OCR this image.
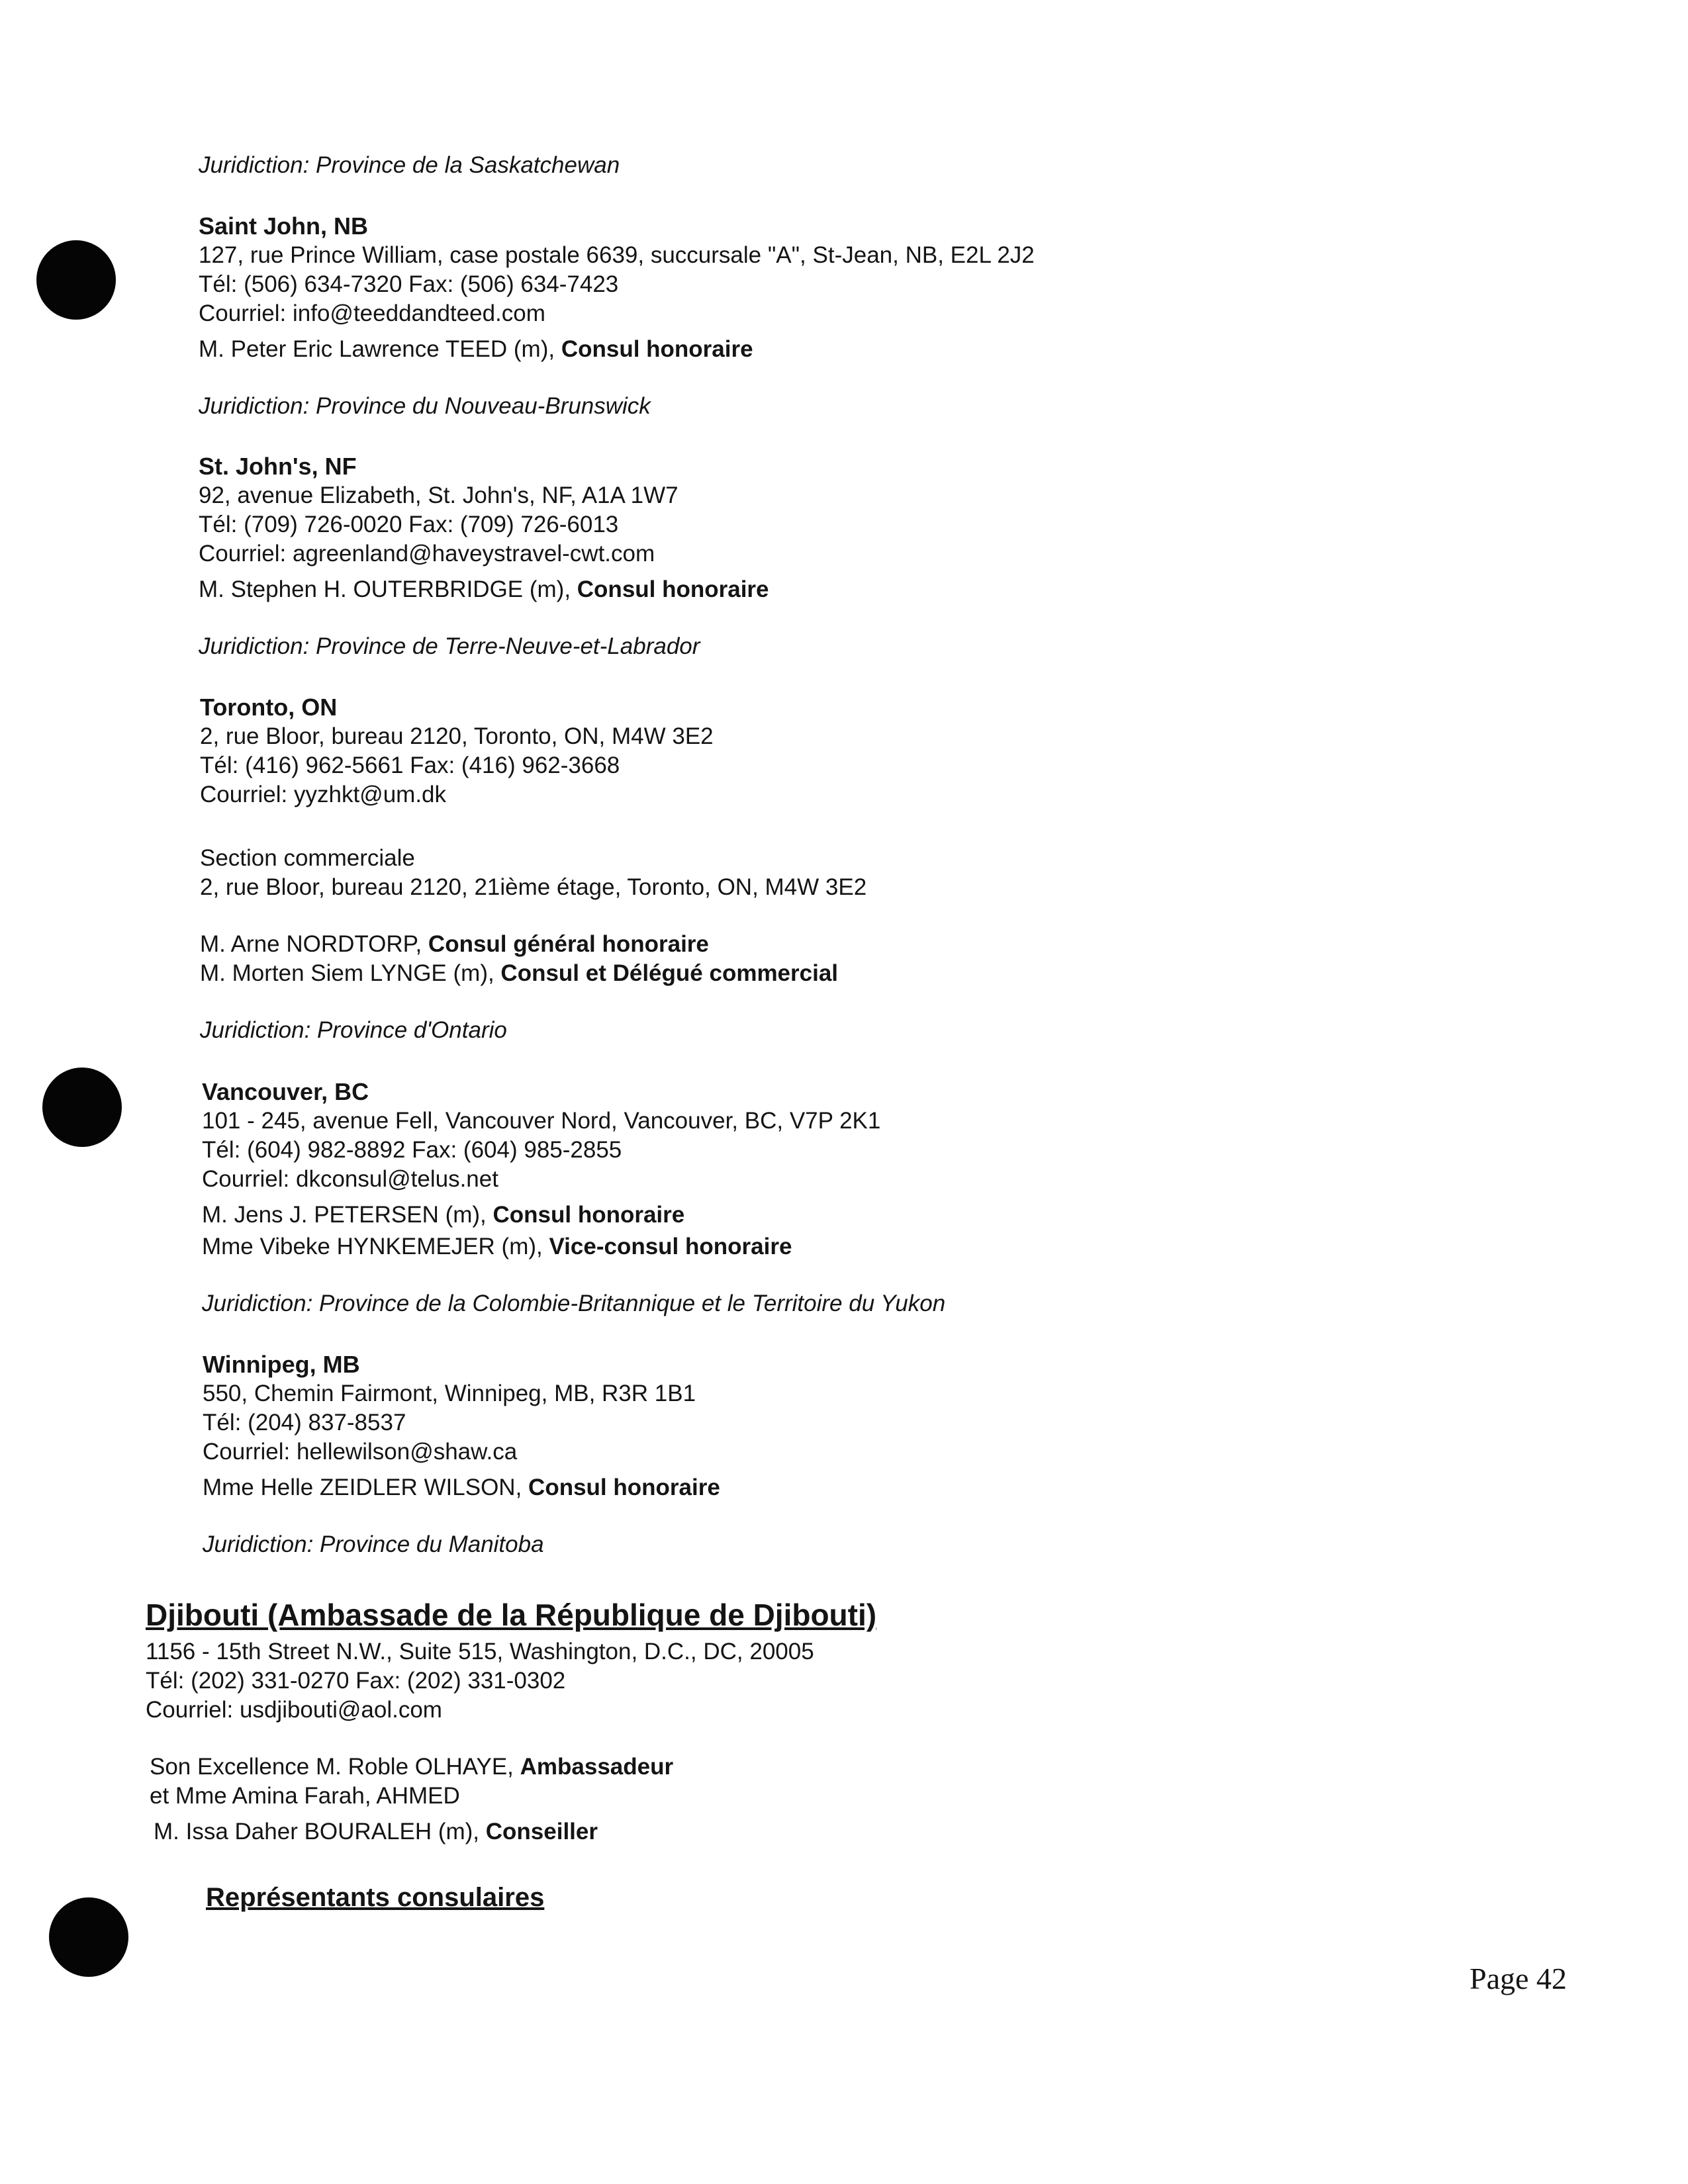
Juridiction: Province de la Saskatchewan

Saint John, NB

127, rue Prince William, case postale 6639, succursale "A", St-Jean, NB, E2L 2J2

Tél: (506) 634-7320 Fax: (506) 634-7423

Courriel: info@teeddandteed.com

M. Peter Eric Lawrence TEED (m), Consul honoraire

Juridiction: Province du Nouveau-Brunswick

St. John's, NF

92, avenue Elizabeth, St. John's, NF, A1A 1W7

Tél: (709) 726-0020 Fax: (709) 726-6013

Courriel: agreenland@haveystravel-cwt.com

M. Stephen H. OUTERBRIDGE (m), Consul honoraire

Juridiction: Province de Terre-Neuve-et-Labrador

Toronto, ON

2, rue Bloor, bureau 2120, Toronto, ON, M4W 3E2

Tél: (416) 962-5661 Fax: (416) 962-3668

Courriel: yyzhkt@um.dk

Section commerciale

2, rue Bloor, bureau 2120, 21ième étage, Toronto, ON, M4W 3E2

M. Arne NORDTORP, Consul général honoraire

M. Morten Siem LYNGE (m), Consul et Délégué commercial

Juridiction: Province d'Ontario

Vancouver, BC

101 - 245, avenue Fell, Vancouver Nord, Vancouver, BC, V7P 2K1

Tél: (604) 982-8892 Fax: (604) 985-2855

Courriel: dkconsul@telus.net

M. Jens J. PETERSEN (m), Consul honoraire

Mme Vibeke HYNKEMEJER (m), Vice-consul honoraire

Juridiction: Province de la Colombie-Britannique et le Territoire du Yukon

Winnipeg, MB

550, Chemin Fairmont, Winnipeg, MB, R3R 1B1

Tél: (204) 837-8537

Courriel: hellewilson@shaw.ca

Mme Helle ZEIDLER WILSON, Consul honoraire

Juridiction: Province du Manitoba

Djibouti (Ambassade de la République de Djibouti)

1156 - 15th Street N.W., Suite 515, Washington, D.C., DC, 20005

Tél: (202) 331-0270 Fax: (202) 331-0302

Courriel: usdjibouti@aol.com

Son Excellence M. Roble OLHAYE, Ambassadeur

et Mme Amina Farah, AHMED

M. Issa Daher BOURALEH (m), Conseiller

Représentants consulaires
Page 42
